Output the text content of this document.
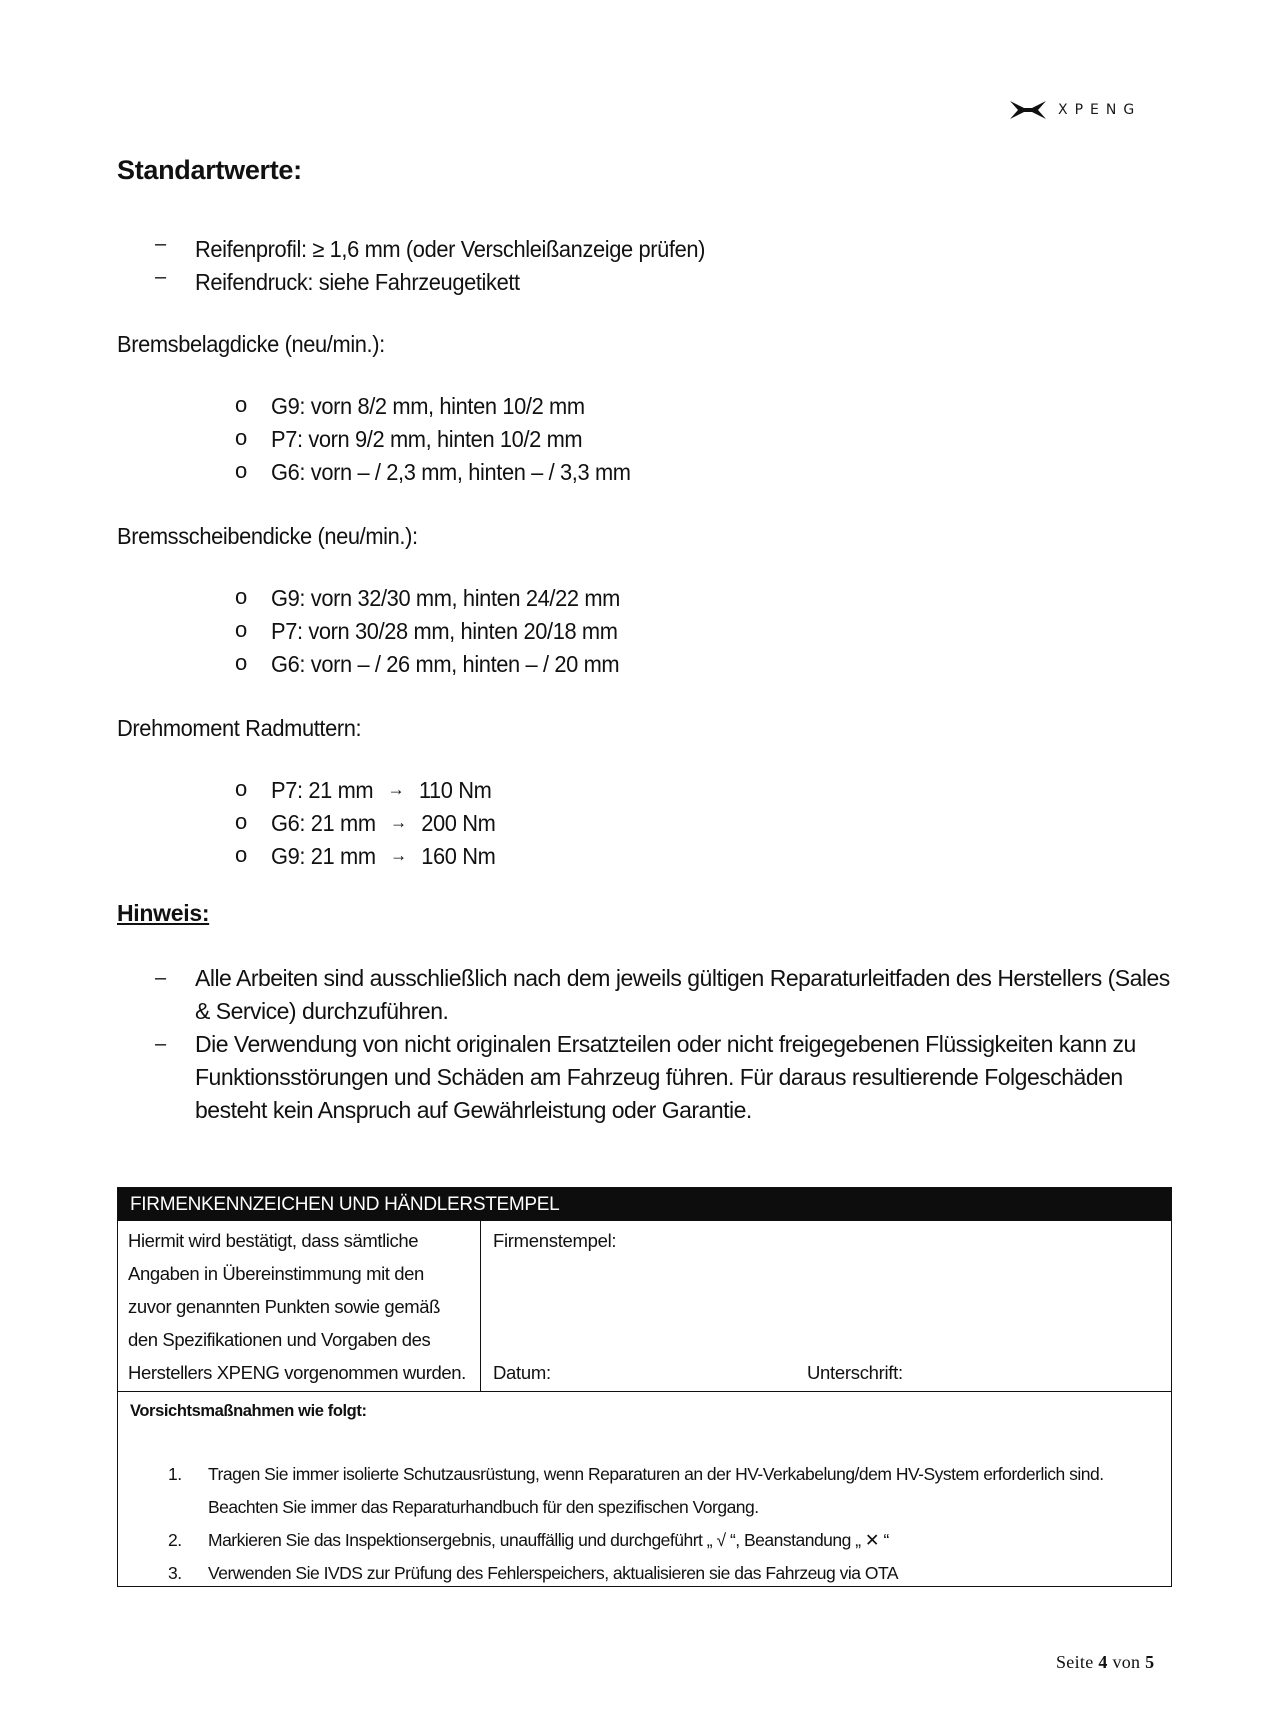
XPENG
Standartwerte:
– Reifenprofil: ≥ 1,6 mm (oder Verschleißanzeige prüfen)
– Reifendruck: siehe Fahrzeugetikett
Bremsbelagdicke (neu/min.):
o G9: vorn 8/2 mm, hinten 10/2 mm
o P7: vorn 9/2 mm, hinten 10/2 mm
o G6: vorn – / 2,3 mm, hinten – / 3,3 mm
Bremsscheibendicke (neu/min.):
o G9: vorn 32/30 mm, hinten 24/22 mm
o P7: vorn 30/28 mm, hinten 20/18 mm
o G6: vorn – / 26 mm, hinten – / 20 mm
Drehmoment Radmuttern:
o P7: 21 mm → 110 Nm
o G6: 21 mm → 200 Nm
o G9: 21 mm → 160 Nm
Hinweis:
– Alle Arbeiten sind ausschließlich nach dem jeweils gültigen Reparaturleitfaden des Herstellers (Sales & Service) durchzuführen.
– Die Verwendung von nicht originalen Ersatzteilen oder nicht freigegebenen Flüssigkeiten kann zu Funktionsstörungen und Schäden am Fahrzeug führen. Für daraus resultierende Folgeschäden besteht kein Anspruch auf Gewährleistung oder Garantie.
FIRMENKENNZEICHEN UND HÄNDLERSTEMPEL
Hiermit wird bestätigt, dass sämtliche
Angaben in Übereinstimmung mit den
zuvor genannten Punkten sowie gemäß
den Spezifikationen und Vorgaben des
Herstellers XPENG vorgenommen wurden.
Firmenstempel:
Datum:	Unterschrift:
Vorsichtsmaßnahmen wie folgt:
1. Tragen Sie immer isolierte Schutzausrüstung, wenn Reparaturen an der HV-Verkabelung/dem HV-System erforderlich sind. Beachten Sie immer das Reparaturhandbuch für den spezifischen Vorgang.
2. Markieren Sie das Inspektionsergebnis, unauffällig und durchgeführt „ √ “, Beanstandung „ ✕ “
3. Verwenden Sie IVDS zur Prüfung des Fehlerspeichers, aktualisieren sie das Fahrzeug via OTA
Seite 4 von 5
